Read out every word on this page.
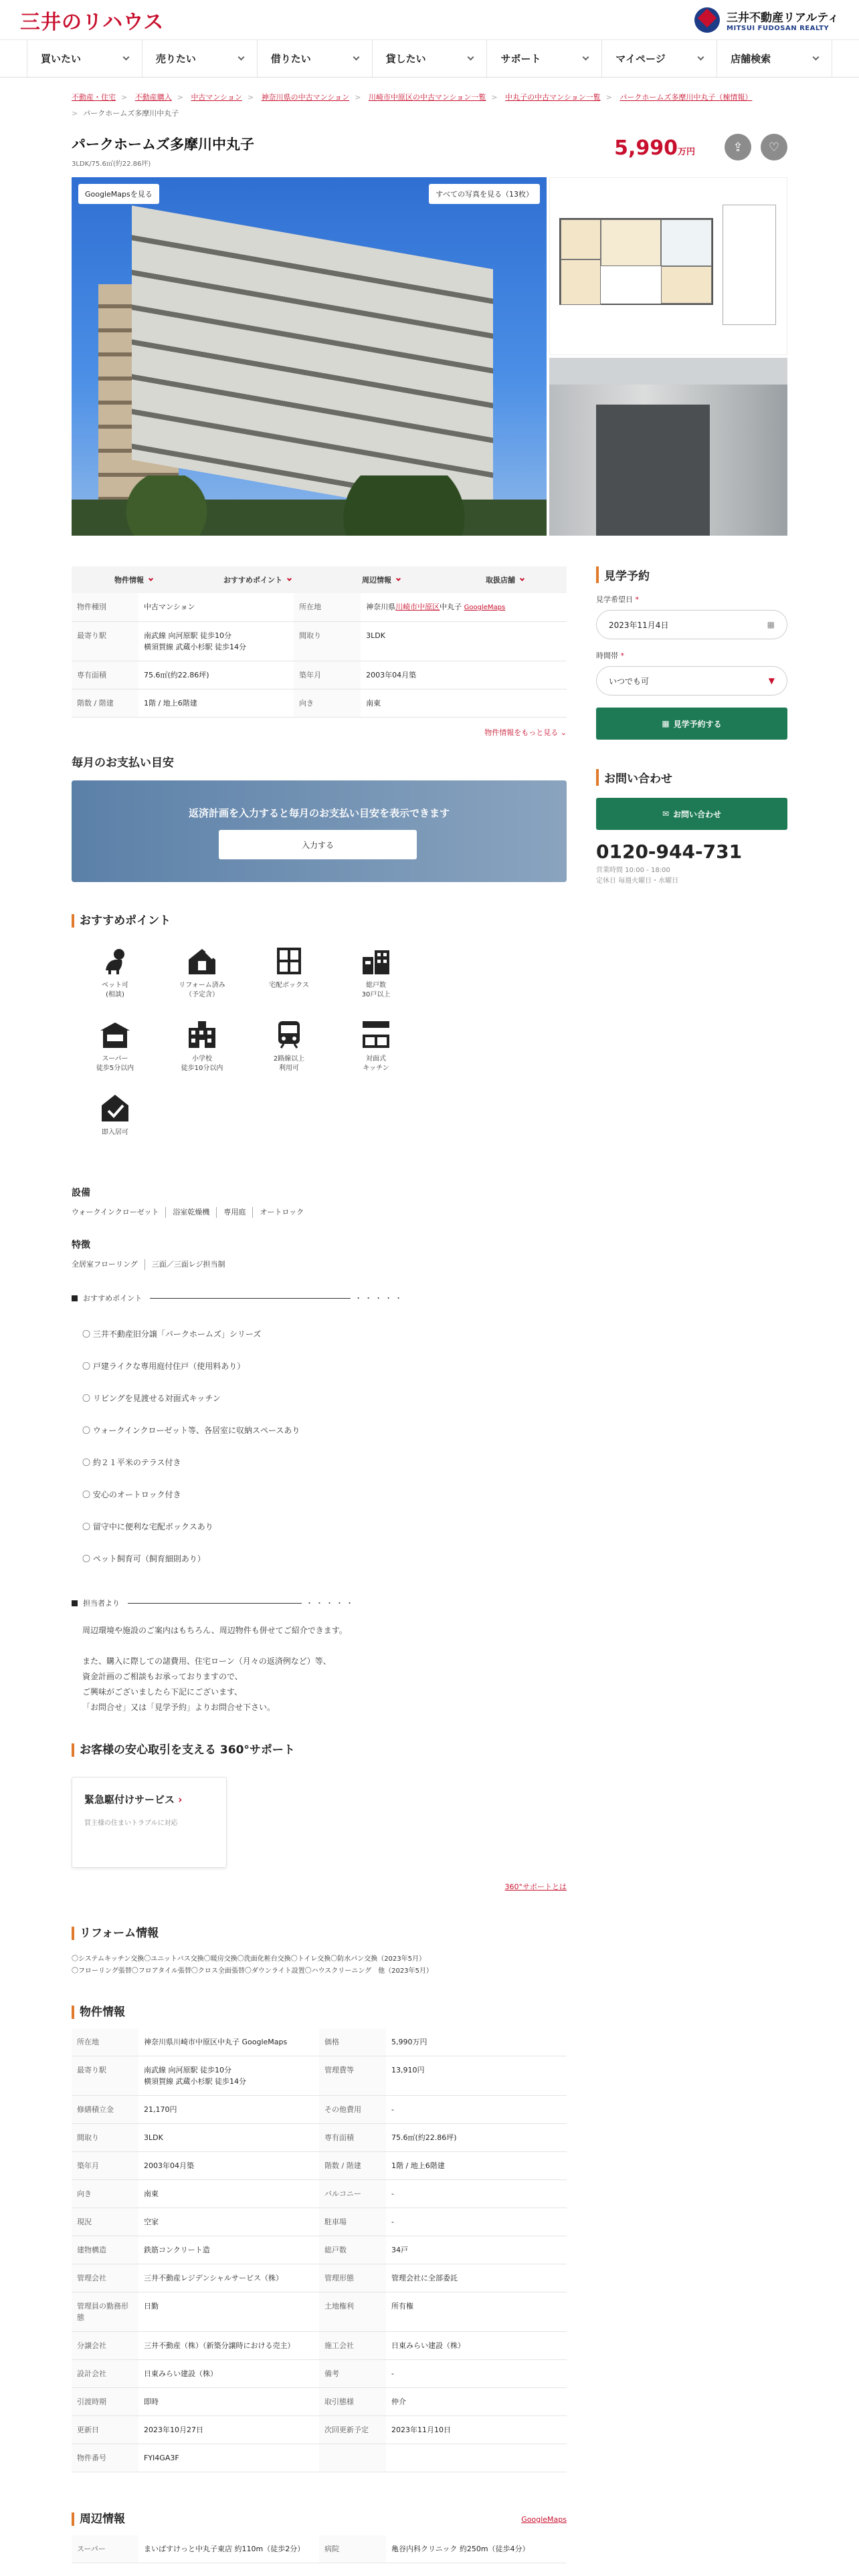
三井のリハウス	三井不動産リアルティ
MITSUI FUDOSAN REALTY
買いたい	売りたい	借りたい	貸したい	サポート	マイページ	店舗検索
不動産・住宅 > 不動産購入 > 中古マンション > 神奈川県の中古マンション > 川崎市中原区の中古マンション一覧 > 中丸子の中古マンション一覧 > パークホームズ多摩川中丸子（棟情報）
> パークホームズ多摩川中丸子
パークホームズ多摩川中丸子
3LDK/75.6㎡(約22.86坪)
5,990万円	⇪ ♡
GoogleMapsを見る	すべての写真を見る（13枚）
物件情報	おすすめポイント	周辺情報	取扱店舗
物件種別	中古マンション	所在地	神奈川県川崎市中原区中丸子 GoogleMaps
最寄り駅	南武線 向河原駅 徒歩10分
横須賀線 武蔵小杉駅 徒歩14分	間取り	3LDK
専有面積	75.6㎡(約22.86坪)	築年月	2003年04月築
階数 / 階建	1階 / 地上6階建	向き	南東
物件情報をもっと見る ⌄
毎月のお支払い目安
返済計画を入力すると毎月のお支払い目安を表示できます
入力する
おすすめポイント
ペット可
(相談)
リフォーム済み
（予定含）
宅配ボックス	総戸数
30戸以上
スーパー
徒歩5分以内
小学校
徒歩10分以内
2路線以上
利用可
対面式
キッチン
即入居可
設備
ウォークインクローゼット	浴室乾燥機	専用庭	オートロック
特徴
全居室フローリング	三面／三面レジ担当制
おすすめポイント	・・・・・
〇 三井不動産旧分譲「パークホームズ」シリーズ
〇 戸建ライクな専用庭付住戸（使用料あり）
〇 リビングを見渡せる対面式キッチン
〇 ウォークインクローゼット等、各居室に収納スペースあり
〇 約２１平米のテラス付き
〇 安心のオートロック付き
〇 留守中に便利な宅配ボックスあり
〇 ペット飼育可（飼育細則あり）
担当者より	・・・・・
周辺環境や施設のご案内はもちろん、周辺物件も併せてご紹介できます。
また、購入に際しての諸費用、住宅ローン（月々の返済例など）等、
資金計画のご相談もお承っておりますので、
ご興味がございましたら下記にございます、
「お問合せ」又は「見学予約」よりお問合せ下さい。
お客様の安心取引を支える 360°サポート
緊急駆付けサービス ›
買主様の住まいトラブルに対応
360°サポートとは
リフォーム情報
〇システムキッチン交換〇ユニットバス交換〇暖房交換〇洗面化粧台交換〇トイレ交換〇防水パン交換（2023年5月）
〇フローリング張替〇フロアタイル張替〇クロス全面張替〇ダウンライト設置〇ハウスクリーニング　他（2023年5月）
見学予約
見学希望日 *
2023年11月4日	▦
時間帯 *
いつでも可	▼
▦ 見学予約する
お問い合わせ
✉ お問い合わせ
0120-944-731
営業時間 10:00 - 18:00
定休日 毎週火曜日・水曜日
物件情報
所在地	神奈川県川崎市中原区中丸子 GoogleMaps	価格	5,990万円
最寄り駅	南武線 向河原駅 徒歩10分
横須賀線 武蔵小杉駅 徒歩14分	管理費等	13,910円
修繕積立金	21,170円	その他費用	-
間取り	3LDK	専有面積	75.6㎡(約22.86坪)
築年月	2003年04月築	階数 / 階建	1階 / 地上6階建
向き	南東	バルコニー	-
現況	空家	駐車場	-
建物構造	鉄筋コンクリート造	総戸数	34戸
管理会社	三井不動産レジデンシャルサービス（株）	管理形態	管理会社に全部委託
管理員の勤務形態	日勤	土地権利	所有権
分譲会社	三井不動産（株）（新築分譲時における売主）	施工会社	日東みらい建設（株）
設計会社	日東みらい建設（株）	備考	-
引渡時期	即時	取引態様	仲介
更新日	2023年10月27日	次回更新予定	2023年11月10日
物件番号	FYI4GA3F		
周辺情報	GoogleMaps
スーパー	まいばすけっと中丸子東店 約110m（徒歩2分）	病院	亀谷内科クリニック 約250m（徒歩4分）
